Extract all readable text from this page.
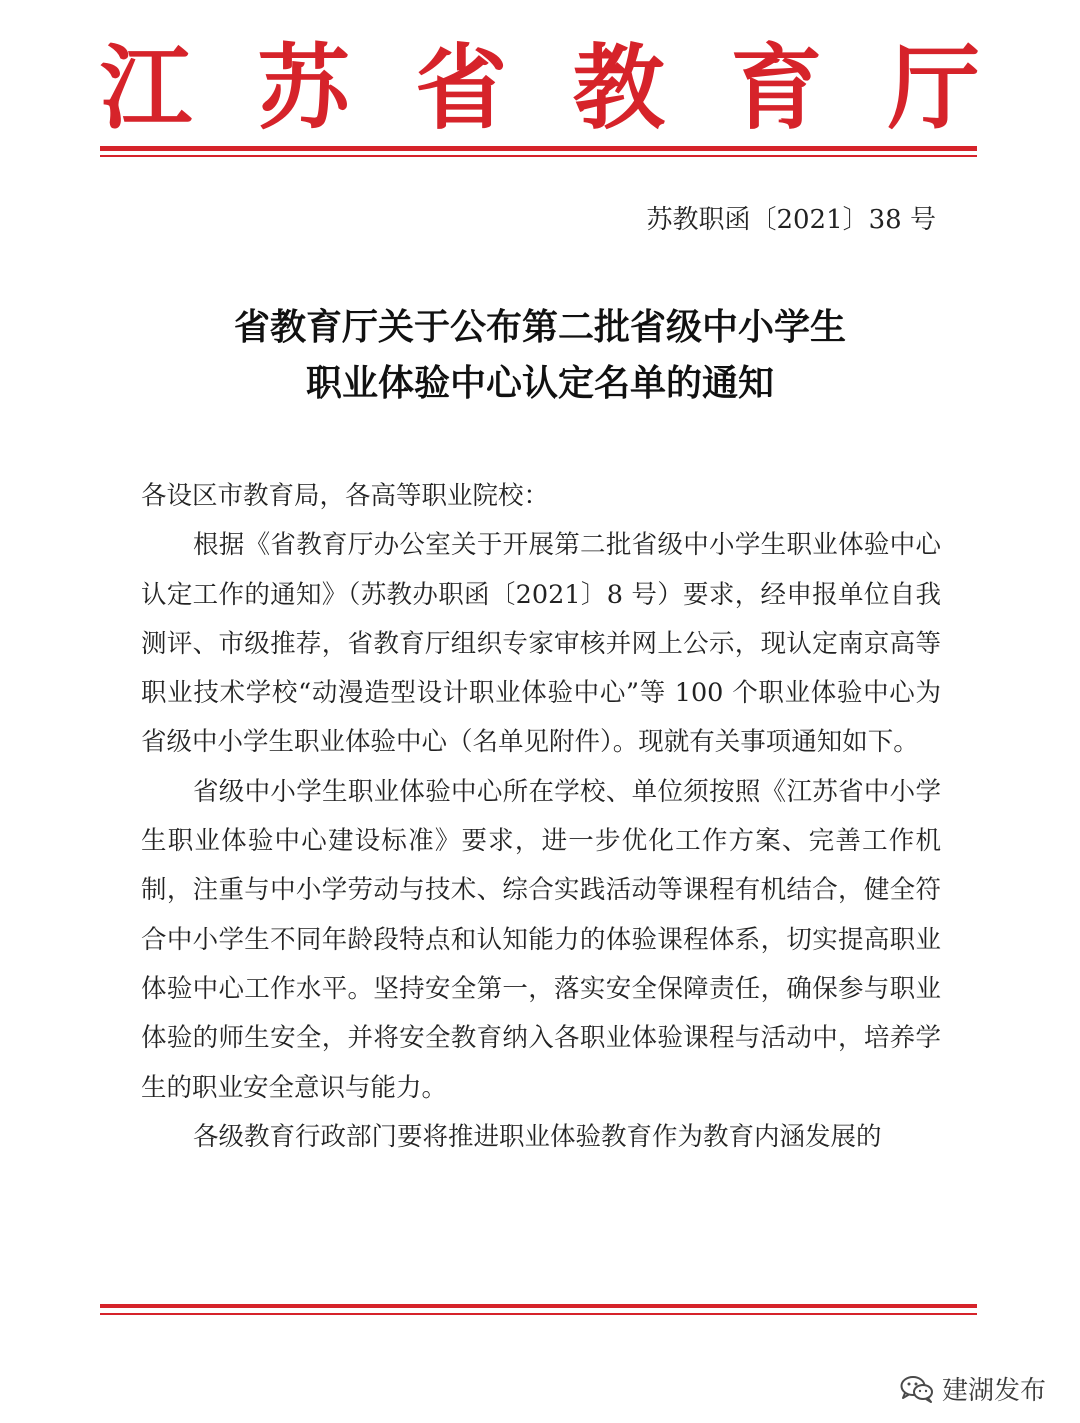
江 苏 省 教 育 厅
苏教职函〔2021〕38 号
省教育厅关于公布第二批省级中小学生
职业体验中心认定名单的通知

各设区市教育局，各高等职业院校：

根据《省教育厅办公室关于开展第二批省级中小学生职业体验中心认定工作的通知》（苏教办职函〔2021〕8 号）要求，经申报单位自我测评、市级推荐，省教育厅组织专家审核并网上公示，现认定南京高等职业技术学校“动漫造型设计职业体验中心”等 100 个职业体验中心为省级中小学生职业体验中心（名单见附件）。现就有关事项通知如下。

省级中小学生职业体验中心所在学校、单位须按照《江苏省中小学生职业体验中心建设标准》要求，进一步优化工作方案、完善工作机制，注重与中小学劳动与技术、综合实践活动等课程有机结合，健全符合中小学生不同年龄段特点和认知能力的体验课程体系，切实提高职业体验中心工作水平。坚持安全第一，落实安全保障责任，确保参与职业体验的师生安全，并将安全教育纳入各职业体验课程与活动中，培养学生的职业安全意识与能力。

各级教育行政部门要将推进职业体验教育作为教育内涵发展的

建湖发布
